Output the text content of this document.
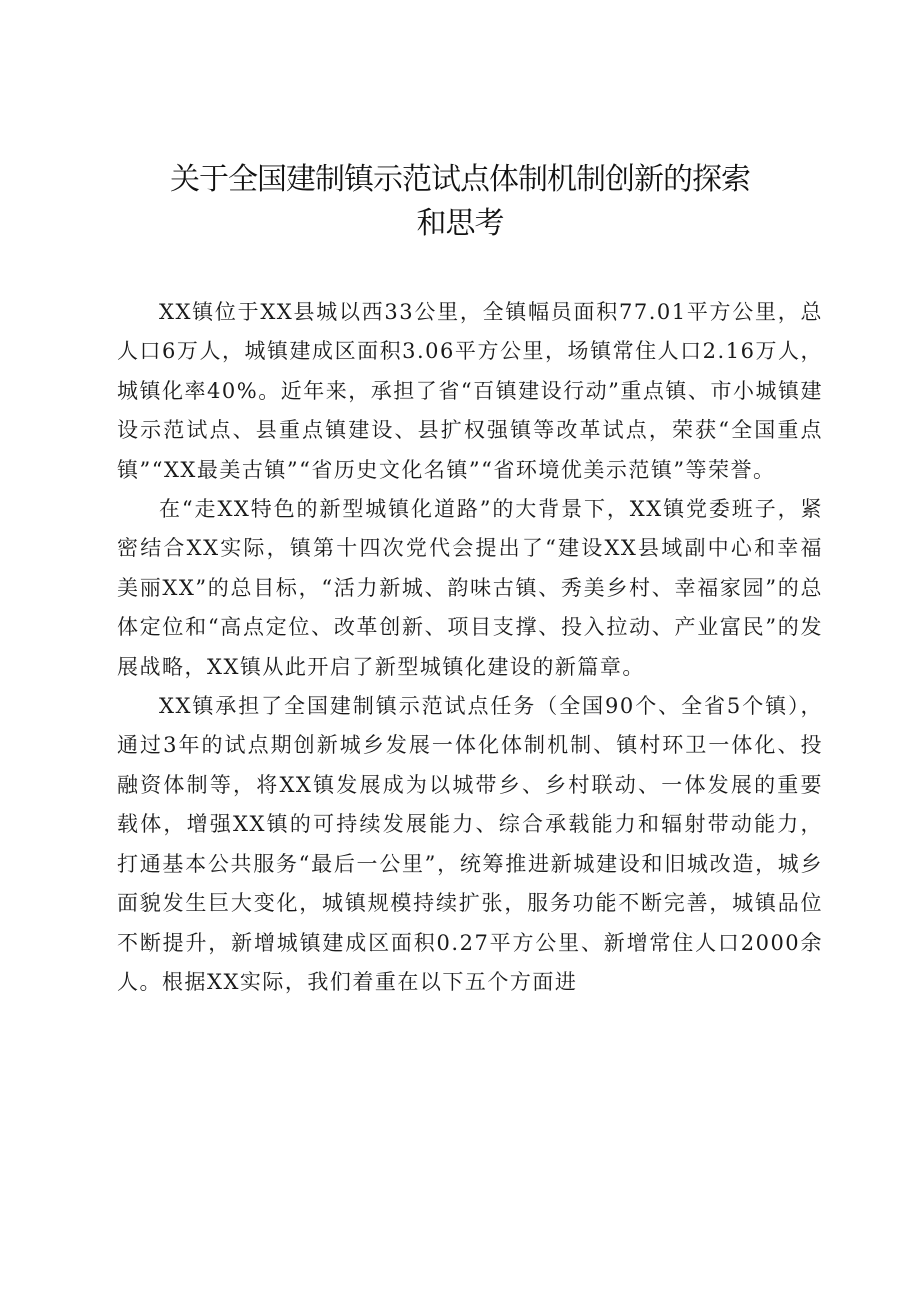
关于全国建制镇示范试点体制机制创新的探索
和思考

XX镇位于XX县城以西33公里，全镇幅员面积77.01平方公里，总人口6万人，城镇建成区面积3.06平方公里，场镇常住人口2.16万人，城镇化率40%。近年来，承担了省“百镇建设行动”重点镇、市小城镇建设示范试点、县重点镇建设、县扩权强镇等改革试点，荣获“全国重点镇”“XX最美古镇”“省历史文化名镇”“省环境优美示范镇”等荣誉。

在“走XX特色的新型城镇化道路”的大背景下，XX镇党委班子，紧密结合XX实际，镇第十四次党代会提出了“建设XX县域副中心和幸福美丽XX”的总目标，“活力新城、韵味古镇、秀美乡村、幸福家园”的总体定位和“高点定位、改革创新、项目支撑、投入拉动、产业富民”的发展战略，XX镇从此开启了新型城镇化建设的新篇章。

XX镇承担了全国建制镇示范试点任务（全国90个、全省5个镇），通过3年的试点期创新城乡发展一体化体制机制、镇村环卫一体化、投融资体制等，将XX镇发展成为以城带乡、乡村联动、一体发展的重要载体，增强XX镇的可持续发展能力、综合承载能力和辐射带动能力，打通基本公共服务“最后一公里”，统筹推进新城建设和旧城改造，城乡面貌发生巨大变化，城镇规模持续扩张，服务功能不断完善，城镇品位不断提升，新增城镇建成区面积0.27平方公里、新增常住人口2000余人。根据XX实际，我们着重在以下五个方面进
